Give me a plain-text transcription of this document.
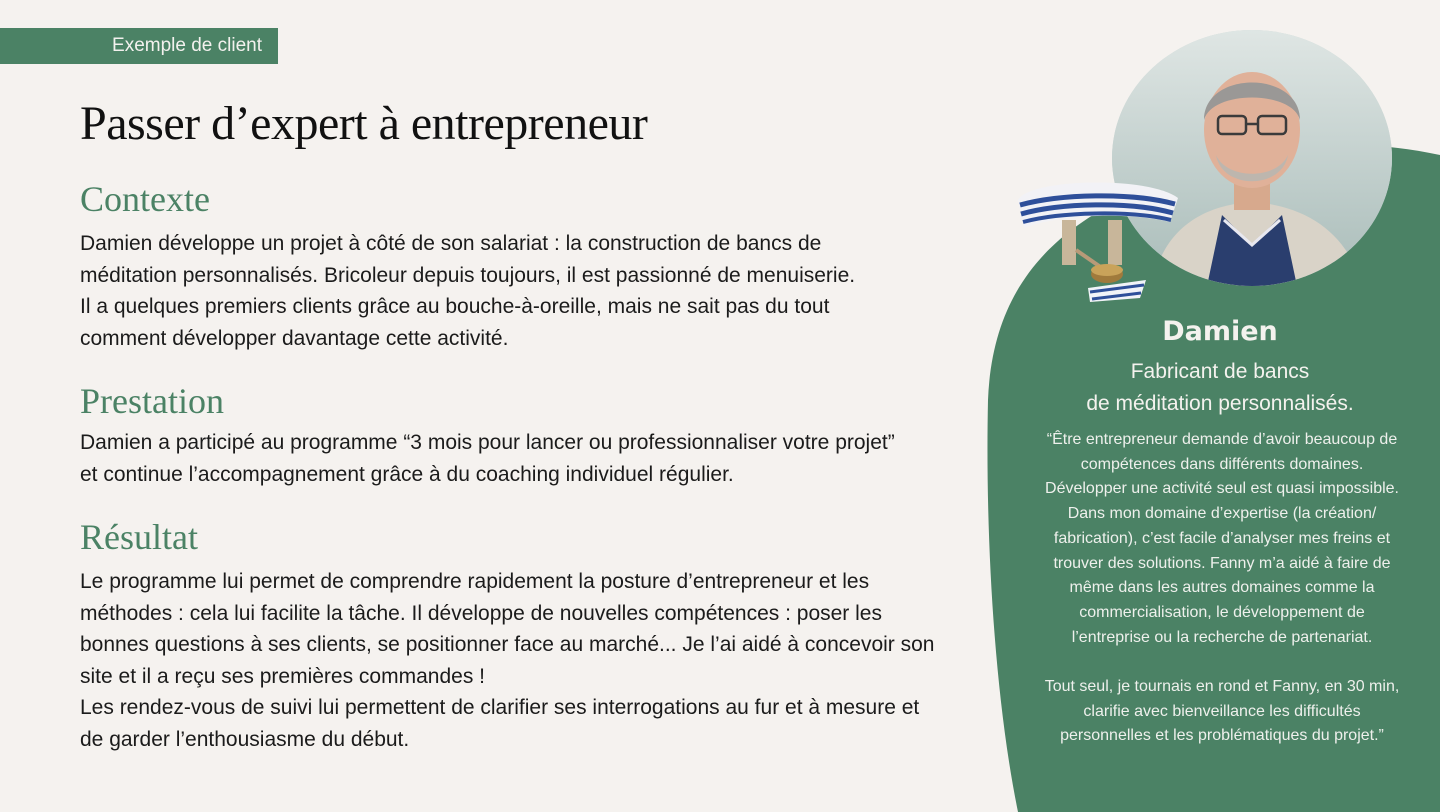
Exemple de client
Passer d’expert à entrepreneur
Contexte

Damien développe un projet à côté de son salariat : la construction de bancs de
méditation personnalisés. Bricoleur depuis toujours, il est passionné de menuiserie.
Il a quelques premiers clients grâce au bouche-à-oreille, mais ne sait pas du tout
comment développer davantage cette activité.

Prestation

Damien a participé au programme “3 mois pour lancer ou professionnaliser votre projet”
et continue l’accompagnement grâce à du coaching individuel régulier.

Résultat

Le programme lui permet de comprendre rapidement la posture d’entrepreneur et les
méthodes : cela lui facilite la tâche. Il développe de nouvelles compétences : poser les
bonnes questions à ses clients, se positionner face au marché... Je l’ai aidé à concevoir son
site et il a reçu ses premières commandes !
Les rendez-vous de suivi lui permettent de clarifier ses interrogations au fur et à mesure et
de garder l’enthousiasme du début.

Damien

Fabricant de bancs
de méditation personnalisés.

“Être entrepreneur demande d’avoir beaucoup de
compétences dans différents domaines.
Développer une activité seul est quasi impossible.
Dans mon domaine d’expertise (la création/
fabrication), c’est facile d’analyser mes freins et
trouver des solutions. Fanny m’a aidé à faire de
même dans les autres domaines comme la
commercialisation, le développement de
l’entreprise ou la recherche de partenariat.

Tout seul, je tournais en rond et Fanny, en 30 min,
clarifie avec bienveillance les difficultés
personnelles et les problématiques du projet.”
